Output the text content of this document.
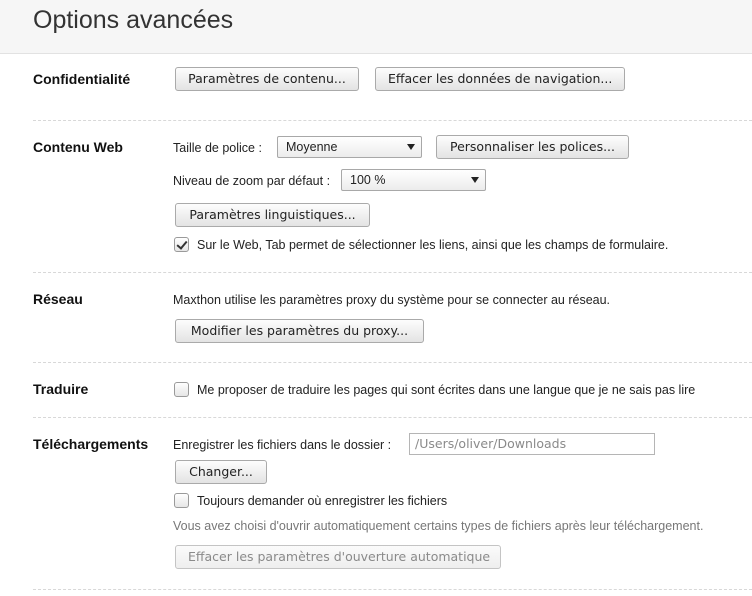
Options avancées
Confidentialité	Paramètres de contenu...	Effacer les données de navigation...
Contenu Web	Taille de police :	Moyenne	Personnaliser les polices...
Niveau de zoom par défaut :	100 %
Paramètres linguistiques...
Sur le Web, Tab permet de sélectionner les liens, ainsi que les champs de formulaire.
Réseau	Maxthon utilise les paramètres proxy du système pour se connecter au réseau.
Modifier les paramètres du proxy...
Traduire	Me proposer de traduire les pages qui sont écrites dans une langue que je ne sais pas lire
Téléchargements Enregistrer les fichiers dans le dossier :	/Users/oliver/Downloads
Changer...
Toujours demander où enregistrer les fichiers
Vous avez choisi d'ouvrir automatiquement certains types de fichiers après leur téléchargement.
Effacer les paramètres d'ouverture automatique
